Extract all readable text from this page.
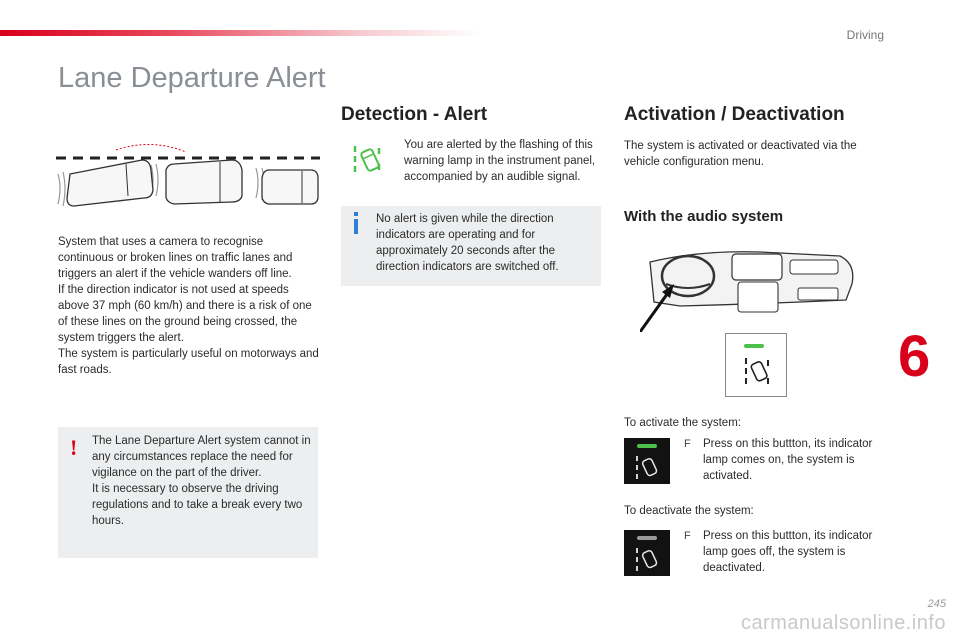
Driving
Lane Departure Alert

System that uses a camera to recognise continuous or broken lines on traffic lanes and triggers an alert if the vehicle wanders off line.

If the direction indicator is not used at speeds above 37 mph (60 km/h) and there is a risk of one of these lines on the ground being crossed, the system triggers the alert.

The system is particularly useful on motorways and fast roads.

! The Lane Departure Alert system cannot in any circumstances replace the need for vigilance on the part of the driver.

It is necessary to observe the driving regulations and to take a break every two hours.

Detection - Alert
You are alerted by the flashing of this warning lamp in the instrument panel, accompanied by an audible signal.
No alert is given while the direction indicators are operating and for approximately 20 seconds after the direction indicators are switched off.
Activation / Deactivation
The system is activated or deactivated via the vehicle configuration menu.
With the audio system
To activate the system:
F Press on this buttton, its indicator lamp comes on, the system is activated.
To deactivate the system:
F Press on this buttton, its indicator lamp goes off, the system is deactivated.
6
carmanualsonline.info
245
